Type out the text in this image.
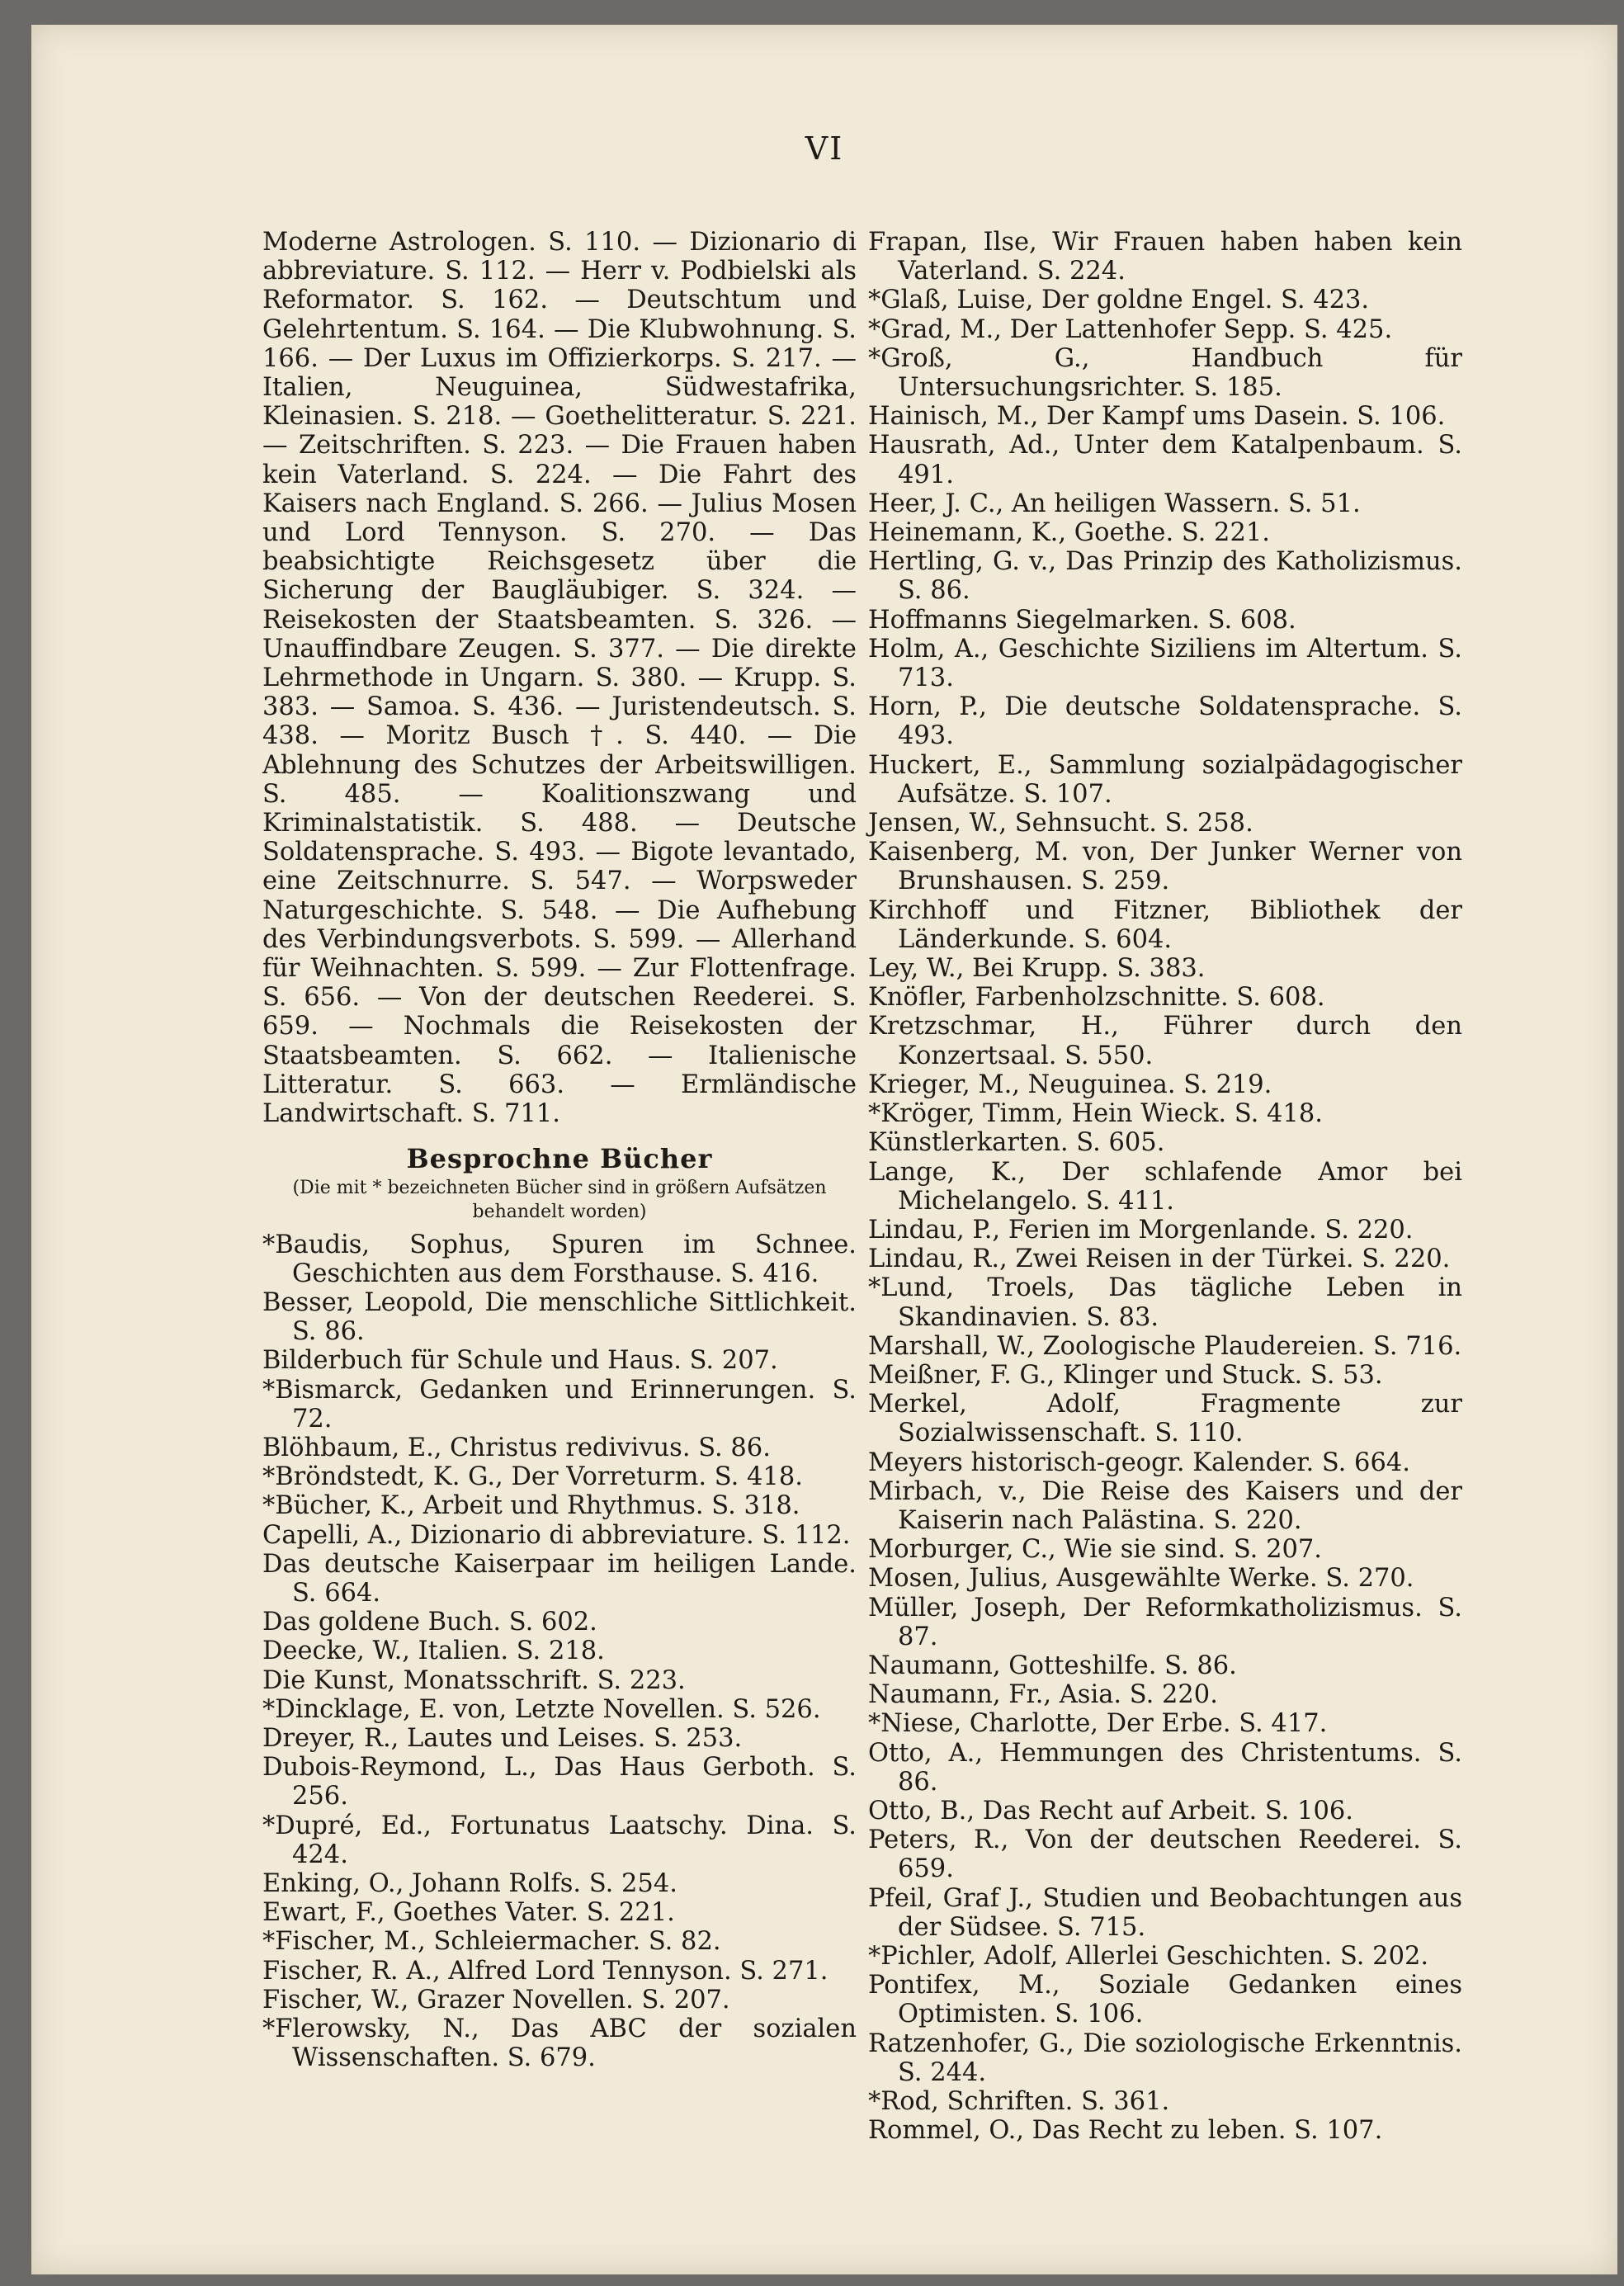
VI
Moderne Astrologen. S. 110. — Dizionario di abbreviature. S. 112. — Herr v. Podbielski als Reformator. S. 162. — Deutschtum und Gelehrtentum. S. 164. — Die Klubwohnung. S. 166. — Der Luxus im Offizierkorps. S. 217. — Italien, Neuguinea, Südwestafrika, Kleinasien. S. 218. — Goethelitteratur. S. 221. — Zeitschriften. S. 223. — Die Frauen haben kein Vaterland. S. 224. — Die Fahrt des Kaisers nach England. S. 266. — Julius Mosen und Lord Tennyson. S. 270. — Das beabsichtigte Reichsgesetz über die Sicherung der Baugläubiger. S. 324. — Reisekosten der Staatsbeamten. S. 326. — Unauffindbare Zeugen. S. 377. — Die direkte Lehrmethode in Ungarn. S. 380. — Krupp. S. 383. — Samoa. S. 436. — Juristendeutsch. S. 438. — Moritz Busch †. S. 440. — Die Ablehnung des Schutzes der Arbeitswilligen. S. 485. — Koalitionszwang und Kriminalstatistik. S. 488. — Deutsche Soldatensprache. S. 493. — Bigote levantado, eine Zeitschnurre. S. 547. — Worpsweder Naturgeschichte. S. 548. — Die Aufhebung des Verbindungsverbots. S. 599. — Allerhand für Weihnachten. S. 599. — Zur Flottenfrage. S. 656. — Von der deutschen Reederei. S. 659. — Nochmals die Reisekosten der Staatsbeamten. S. 662. — Italienische Litteratur. S. 663. — Ermländische Landwirtschaft. S. 711.
Besprochne Bücher
(Die mit * bezeichneten Bücher sind in größern Aufsätzen behandelt worden)
*Baudis, Sophus, Spuren im Schnee. Geschichten aus dem Forsthause. S. 416.
Besser, Leopold, Die menschliche Sittlichkeit. S. 86.
Bilderbuch für Schule und Haus. S. 207.
*Bismarck, Gedanken und Erinnerungen. S. 72.
Blöhbaum, E., Christus redivivus. S. 86.
*Bröndstedt, K. G., Der Vorreturm. S. 418.
*Bücher, K., Arbeit und Rhythmus. S. 318.
Capelli, A., Dizionario di abbreviature. S. 112.
Das deutsche Kaiserpaar im heiligen Lande. S. 664.
Das goldene Buch. S. 602.
Deecke, W., Italien. S. 218.
Die Kunst, Monatsschrift. S. 223.
*Dincklage, E. von, Letzte Novellen. S. 526.
Dreyer, R., Lautes und Leises. S. 253.
Dubois-Reymond, L., Das Haus Gerboth. S. 256.
*Dupré, Ed., Fortunatus Laatschy. Dina. S. 424.
Enking, O., Johann Rolfs. S. 254.
Ewart, F., Goethes Vater. S. 221.
*Fischer, M., Schleiermacher. S. 82.
Fischer, R. A., Alfred Lord Tennyson. S. 271.
Fischer, W., Grazer Novellen. S. 207.
*Flerowsky, N., Das ABC der sozialen Wissenschaften. S. 679.
Frapan, Ilse, Wir Frauen haben haben kein Vaterland. S. 224.
*Glaß, Luise, Der goldne Engel. S. 423.
*Grad, M., Der Lattenhofer Sepp. S. 425.
*Groß, G., Handbuch für Untersuchungsrichter. S. 185.
Hainisch, M., Der Kampf ums Dasein. S. 106.
Hausrath, Ad., Unter dem Katalpenbaum. S. 491.
Heer, J. C., An heiligen Wassern. S. 51.
Heinemann, K., Goethe. S. 221.
Hertling, G. v., Das Prinzip des Katholizismus. S. 86.
Hoffmanns Siegelmarken. S. 608.
Holm, A., Geschichte Siziliens im Altertum. S. 713.
Horn, P., Die deutsche Soldatensprache. S. 493.
Huckert, E., Sammlung sozialpädagogischer Aufsätze. S. 107.
Jensen, W., Sehnsucht. S. 258.
Kaisenberg, M. von, Der Junker Werner von Brunshausen. S. 259.
Kirchhoff und Fitzner, Bibliothek der Länderkunde. S. 604.
Ley, W., Bei Krupp. S. 383.
Knöfler, Farbenholzschnitte. S. 608.
Kretzschmar, H., Führer durch den Konzertsaal. S. 550.
Krieger, M., Neuguinea. S. 219.
*Kröger, Timm, Hein Wieck. S. 418.
Künstlerkarten. S. 605.
Lange, K., Der schlafende Amor bei Michelangelo. S. 411.
Lindau, P., Ferien im Morgenlande. S. 220.
Lindau, R., Zwei Reisen in der Türkei. S. 220.
*Lund, Troels, Das tägliche Leben in Skandinavien. S. 83.
Marshall, W., Zoologische Plaudereien. S. 716.
Meißner, F. G., Klinger und Stuck. S. 53.
Merkel, Adolf, Fragmente zur Sozialwissenschaft. S. 110.
Meyers historisch-geogr. Kalender. S. 664.
Mirbach, v., Die Reise des Kaisers und der Kaiserin nach Palästina. S. 220.
Morburger, C., Wie sie sind. S. 207.
Mosen, Julius, Ausgewählte Werke. S. 270.
Müller, Joseph, Der Reformkatholizismus. S. 87.
Naumann, Gotteshilfe. S. 86.
Naumann, Fr., Asia. S. 220.
*Niese, Charlotte, Der Erbe. S. 417.
Otto, A., Hemmungen des Christentums. S. 86.
Otto, B., Das Recht auf Arbeit. S. 106.
Peters, R., Von der deutschen Reederei. S. 659.
Pfeil, Graf J., Studien und Beobachtungen aus der Südsee. S. 715.
*Pichler, Adolf, Allerlei Geschichten. S. 202.
Pontifex, M., Soziale Gedanken eines Optimisten. S. 106.
Ratzenhofer, G., Die soziologische Erkenntnis. S. 244.
*Rod, Schriften. S. 361.
Rommel, O., Das Recht zu leben. S. 107.
